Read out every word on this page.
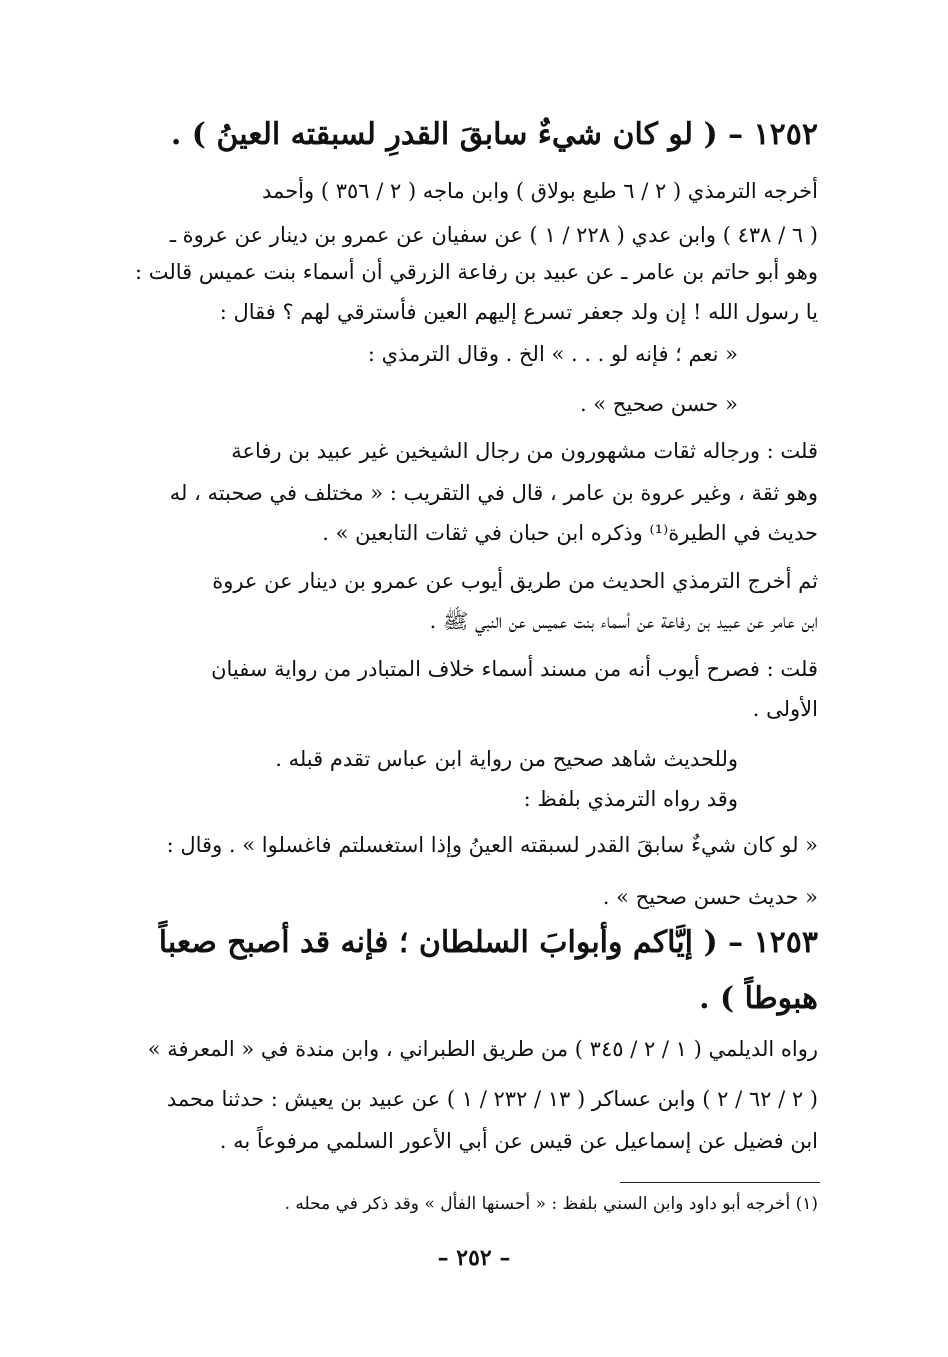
١٢٥٢ – ( لو كان شيءٌ سابقَ القدرِ لسبقته العينُ ) .
أخرجه الترمذي ( ٢ / ٦ طبع بولاق ) وابن ماجه ( ٢ / ٣٥٦ ) وأحمد
( ٦ / ٤٣٨ ) وابن عدي ( ٢٢٨ / ١ ) عن سفيان عن عمرو بن دينار عن عروة ـ
وهو أبو حاتم بن عامر ـ عن عبيد بن رفاعة الزرقي أن أسماء بنت عميس قالت :
يا رسول الله ! إن ولد جعفر تسرع إليهم العين فأسترقي لهم ؟ فقال :
« نعم ؛ فإنه لو . . . » الخ . وقال الترمذي :
« حسن صحيح » .
قلت : ورجاله ثقات مشهورون من رجال الشيخين غير عبيد بن رفاعة
وهو ثقة ، وغير عروة بن عامر ، قال في التقريب : « مختلف في صحبته ، له
حديث في الطيرة⁽¹⁾ وذكره ابن حبان في ثقات التابعين » .
ثم أخرج الترمذي الحديث من طريق أيوب عن عمرو بن دينار عن عروة
ابن عامر عن عبيد بن رفاعة عن أسماء بنت عميس عن النبي ﷺ .
قلت : فصرح أيوب أنه من مسند أسماء خلاف المتبادر من رواية سفيان
الأولى .
وللحديث شاهد صحيح من رواية ابن عباس تقدم قبله .
وقد رواه الترمذي بلفظ :
« لو كان شيءٌ سابقَ القدر لسبقته العينُ وإذا استغسلتم فاغسلوا » . وقال :
« حديث حسن صحيح » .
١٢٥٣ – ( إيَّاكم وأبوابَ السلطان ؛ فإنه قد أصبح صعباً
هبوطاً ) .
رواه الديلمي ( ١ / ٢ / ٣٤٥ ) من طريق الطبراني ، وابن مندة في « المعرفة »
( ٢ / ٦٢ / ٢ ) وابن عساكر ( ١٣ / ٢٣٢ / ١ ) عن عبيد بن يعيش : حدثنا محمد
ابن فضيل عن إسماعيل عن قيس عن أبي الأعور السلمي مرفوعاً به .
(١) أخرجه أبو داود وابن السني بلفظ : « أحسنها الفأل » وقد ذكر في محله .
– ٢٥٢ –
